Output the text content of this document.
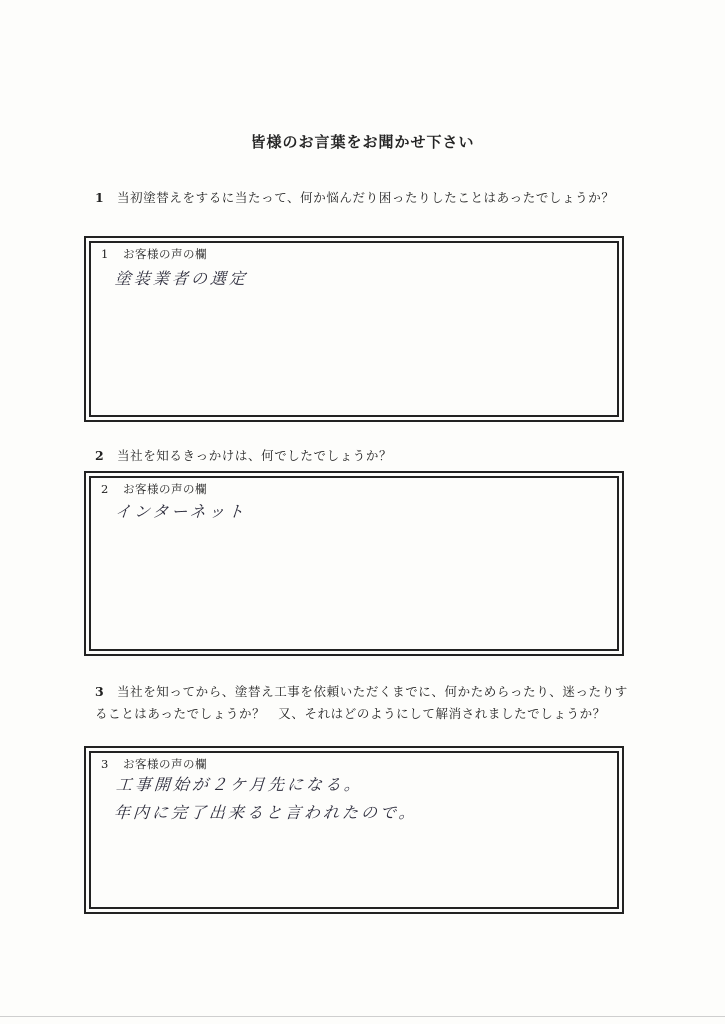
皆様のお言葉をお聞かせ下さい
1 当初塗替えをするに当たって、何か悩んだり困ったりしたことはあったでしょうか？
1 お客様の声の欄
塗装業者の選定
2 当社を知るきっかけは、何でしたでしょうか？
2 お客様の声の欄
インターネット
3 当社を知ってから、塗替え工事を依頼いただくまでに、何かためらったり、迷ったりすることはあったでしょうか？　又、それはどのようにして解消されましたでしょうか？
3 お客様の声の欄
工事開始が２ケ月先になる。
年内に完了出来ると言われたので。
